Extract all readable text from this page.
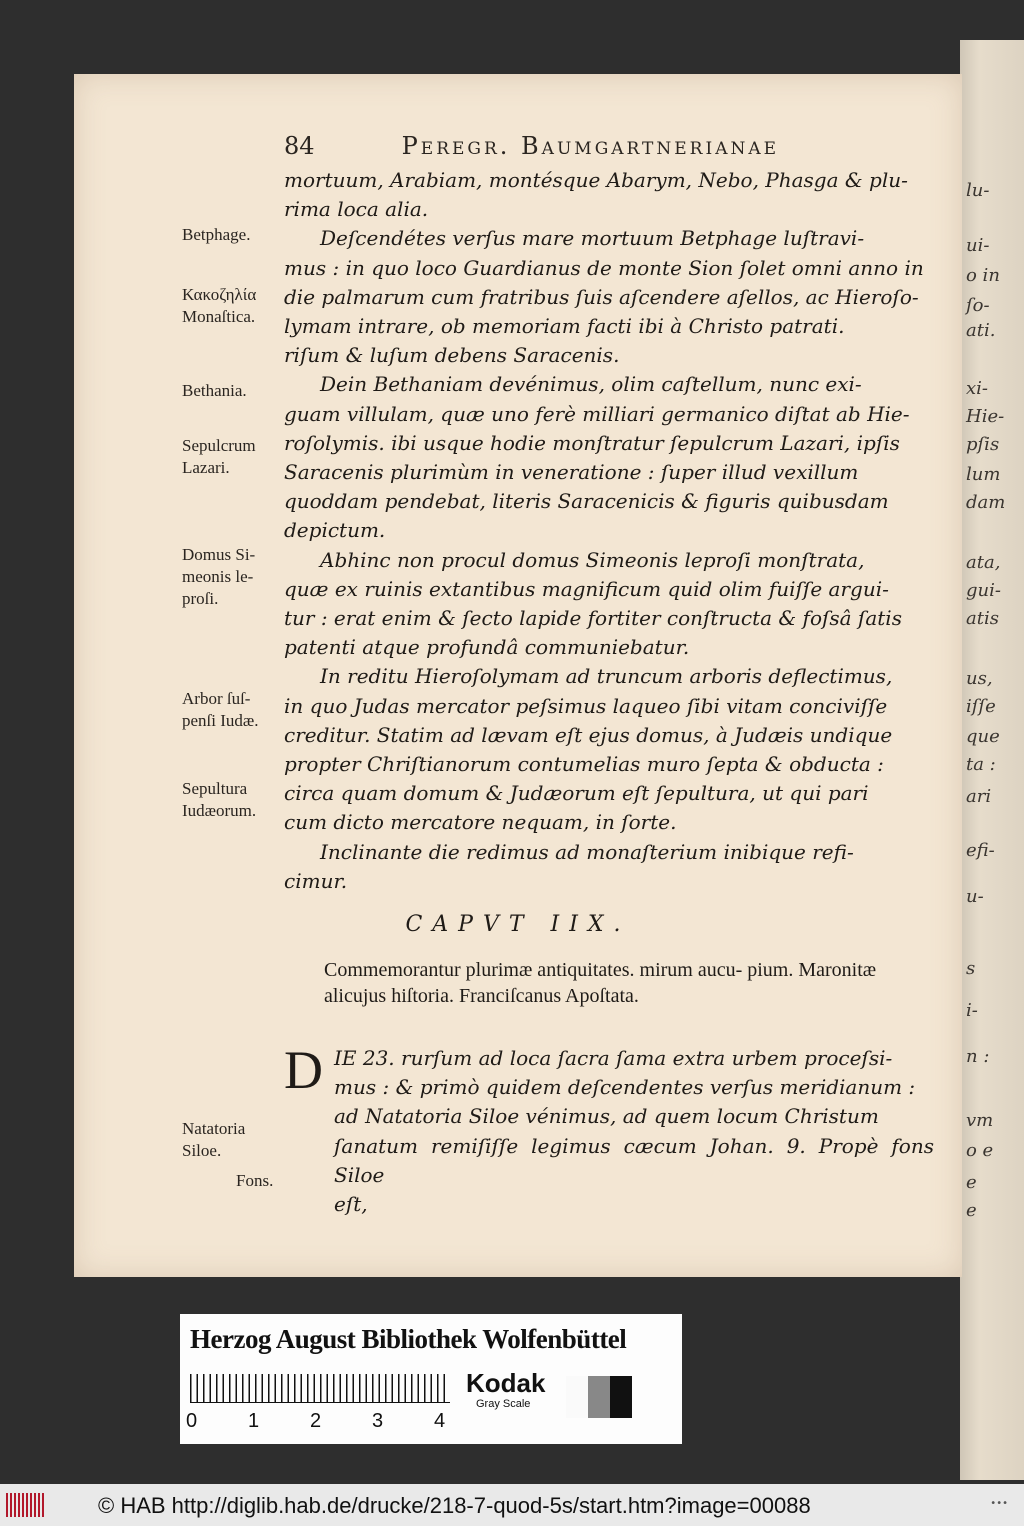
lu-
ui-
o in
ſo-
ati.
xi-
Hie-
pſis
lum
dam
ata,
gui-
atis
us,
iſſe
que
ta :
ari
efi-
u-
s
i-
n :
vm
o e
e
e
84	Peregr. Baumgartnerianae
Betphage.
Κακοζηλία
Monaſtica.
Bethania.
Sepulcrum
Lazari.
Domus Si-
meonis le-
proſi.
Arbor ſuſ-
penſi Iudæ.
Sepultura
Iudæorum.
Natatoria
Siloe.
Fons.

mortuum, Arabiam, montésque Abarym, Nebo, Phasga & plu-

rima loca alia.

Deſcendétes verſus mare mortuum Betphage luſtravi-

mus : in quo loco Guardianus de monte Sion ſolet omni anno in

die palmarum cum fratribus ſuis aſcendere aſellos, ac Hieroſo-

lymam intrare, ob memoriam facti ibi à Christo patrati.

riſum & luſum debens Saracenis.

Dein Bethaniam devénimus, olim caſtellum, nunc exi-

guam villulam, quæ uno ferè milliari germanico diſtat ab Hie-

roſolymis. ibi usque hodie monſtratur ſepulcrum Lazari, ipſis

Saracenis plurimùm in veneratione : ſuper illud vexillum

quoddam pendebat, literis Saracenicis & figuris quibusdam

depictum.

Abhinc non procul domus Simeonis leproſi monſtrata,

quæ ex ruinis extantibus magnificum quid olim fuiſſe argui-

tur : erat enim & ſecto lapide fortiter conſtructa & foſsâ ſatis

patenti atque profundâ communiebatur.

In reditu Hieroſolymam ad truncum arboris deflectimus,

in quo Judas mercator peſsimus laqueo ſibi vitam conciviſſe

creditur. Statim ad lævam eſt ejus domus, à Judæis undique

propter Chriſtianorum contumelias muro ſepta & obducta :

circa quam domum & Judæorum eſt ſepultura, ut qui pari

cum dicto mercatore nequam, in ſorte.

Inclinante die redimus ad monaſterium inibique refi-

cimur.

CAPVT IIX.
Commemorantur plurimæ antiquitates. mirum aucu- pium. Maronitæ alicujus hiſtoria. Franciſcanus Apoſtata.
D IE 23. rurſum ad loca ſacra ſama extra urbem proceſsi-

mus : & primò quidem deſcendentes verſus meridianum :

ad Natatoria Siloe vénimus, ad quem locum Christum

ſanatum remiſiſſe legimus cæcum Johan. 9. Propè fons Siloe

eſt,

Herzog August Bibliothek Wolfenbüttel
0	1	2	3	4
Kodak
Gray Scale
© HAB http://diglib.hab.de/drucke/218-7-quod-5s/start.htm?image=00088	•••
